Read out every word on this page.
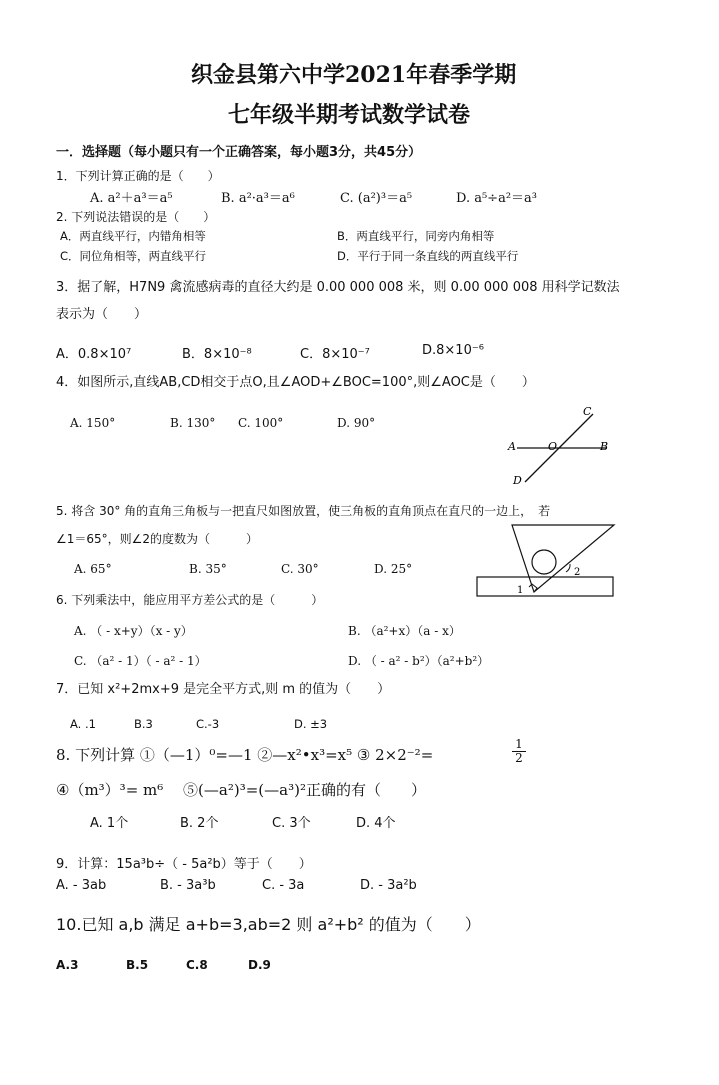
织金县第六中学2021年春季学期
七年级半期考试数学试卷
一．选择题（每小题只有一个正确答案，每小题3分，共45分）
1．下列计算正确的是（　　）
A. a²＋a³＝a⁵	B. a²·a³＝a⁶	C. (a²)³＝a⁵	D. a⁵÷a²＝a³
2. 下列说法错误的是（　　）
A．两直线平行，内错角相等	B．两直线平行，同旁内角相等
C．同位角相等，两直线平行	D．平行于同一条直线的两直线平行
3．据了解，H7N9 禽流感病毒的直径大约是 0.00 000 008 米，则 0.00 000 008 用科学记数法
表示为（　　）
A．0.8×10⁷	B．8×10⁻⁸	C．8×10⁻⁷	D.8×10⁻⁶
4．如图所示,直线AB,CD相交于点O,且∠AOD+∠BOC=100°,则∠AOC是（　　）
A. 150°	B. 130° C. 100°	D. 90°
A	B
C
D
O
5. 将含 30° 角的直角三角板与一把直尺如图放置，使三角板的直角顶点在直尺的一边上，　若
∠1＝65°，则∠2的度数为（　　　）
A. 65°	B. 35°	C. 30°	D. 25°
1
2
6. 下列乘法中，能应用平方差公式的是（　　　）
A. （ - x+y）（x - y）	B. （a²+x）（a - x）
C. （a² - 1）（ - a² - 1）	D. （ - a² - b²）（a²+b²）
7．已知 x²+2mx+9 是完全平方式,则 m 的值为（　　）
A. .1	B.3	C.-3	D. ±3
8. 下列计算 ①（—1）⁰=—1 ②—x²•x³=x⁵ ③ 2×2⁻²=	$\frac{1}{2}$
④（m³）³= m⁶　 ⑤(—a²)³=(—a³)²正确的有（　　）
A. 1个	B. 2个	C. 3个	D. 4个
9．计算：15a³b÷（ - 5a²b）等于（　　）
A. - 3ab	B. - 3a³b	C. - 3a	D. - 3a²b
10.已知 a,b 满足 a+b=3,ab=2 则 a²+b² 的值为（　　）
A.3	B.5	C.8	D.9
